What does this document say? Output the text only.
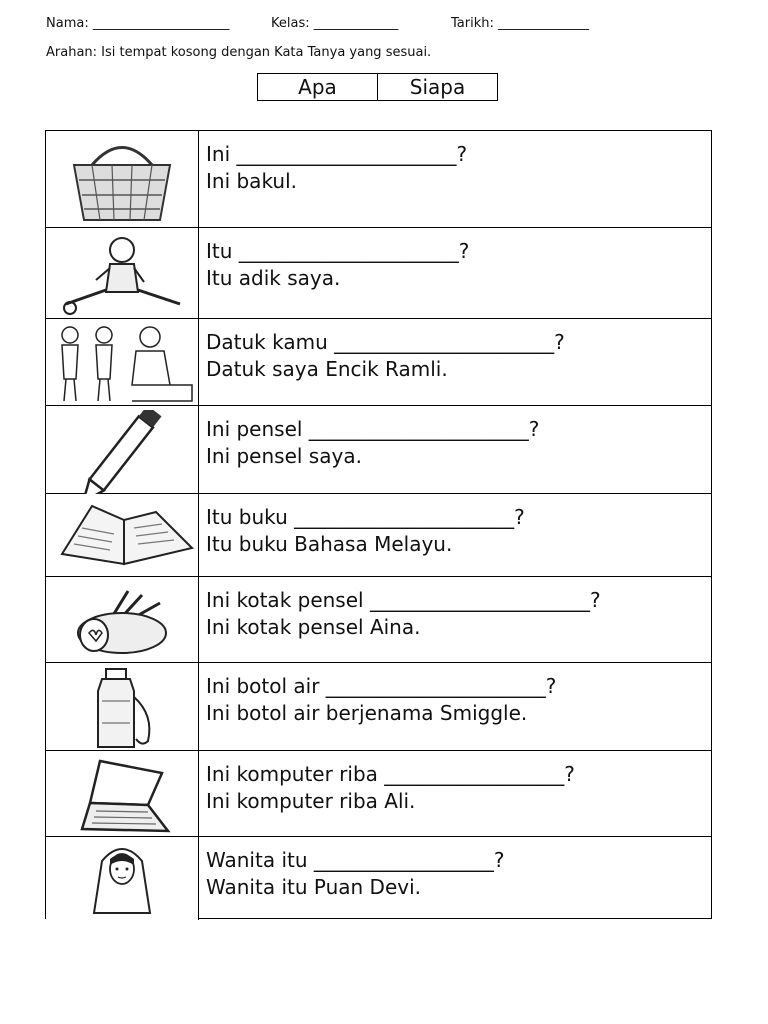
Nama: _____________________	Kelas: _____________	Tarikh: ______________
Arahan: Isi tempat kosong dengan Kata Tanya yang sesuai.
Apa	Siapa
Ini ______________________?
Ini bakul.
Itu ______________________?
Itu adik saya.
Datuk kamu ______________________?
Datuk saya Encik Ramli.
Ini pensel ______________________?
Ini pensel saya.
Itu buku ______________________?
Itu buku Bahasa Melayu.
Ini kotak pensel ______________________?
Ini kotak pensel Aina.
Ini botol air ______________________?
Ini botol air berjenama Smiggle.
Ini komputer riba __________________?
Ini komputer riba Ali.
Wanita itu __________________?
Wanita itu Puan Devi.
